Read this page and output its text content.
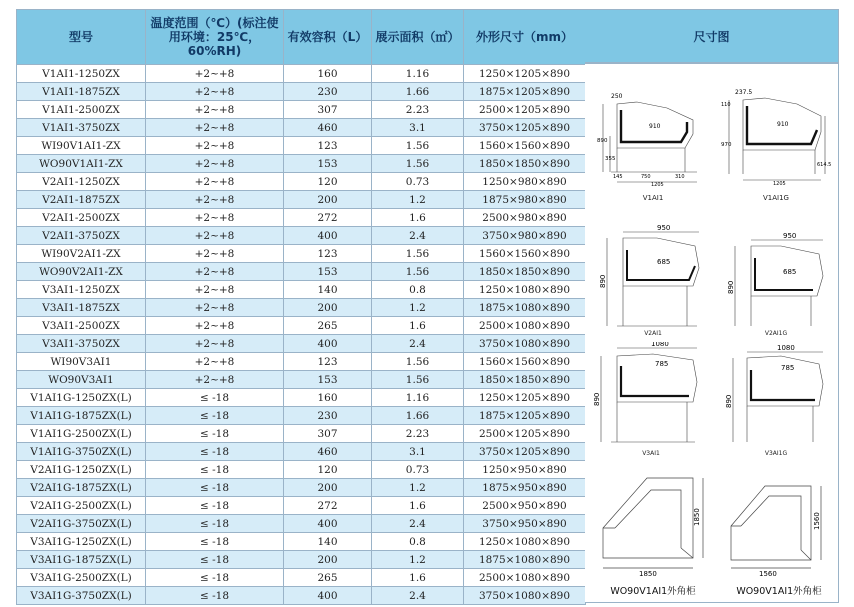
型号	温度范围（℃）(标注使用环境：25℃，60%RH)	有效容积（L）	展示面积（㎡）	外形尺寸（mm）
V1AI1-1250ZX	+2~+8	160	1.16	1250×1205×890
V1AI1-1875ZX	+2~+8	230	1.66	1875×1205×890
V1AI1-2500ZX	+2~+8	307	2.23	2500×1205×890
V1AI1-3750ZX	+2~+8	460	3.1	3750×1205×890
WI90V1AI1-ZX	+2~+8	123	1.56	1560×1560×890
WO90V1AI1-ZX	+2~+8	153	1.56	1850×1850×890
V2AI1-1250ZX	+2~+8	120	0.73	1250×980×890
V2AI1-1875ZX	+2~+8	200	1.2	1875×980×890
V2AI1-2500ZX	+2~+8	272	1.6	2500×980×890
V2AI1-3750ZX	+2~+8	400	2.4	3750×980×890
WI90V2AI1-ZX	+2~+8	123	1.56	1560×1560×890
WO90V2AI1-ZX	+2~+8	153	1.56	1850×1850×890
V3AI1-1250ZX	+2~+8	140	0.8	1250×1080×890
V3AI1-1875ZX	+2~+8	200	1.2	1875×1080×890
V3AI1-2500ZX	+2~+8	265	1.6	2500×1080×890
V3AI1-3750ZX	+2~+8	400	2.4	3750×1080×890
WI90V3AI1	+2~+8	123	1.56	1560×1560×890
WO90V3AI1	+2~+8	153	1.56	1850×1850×890
V1AI1G-1250ZX(L)	≤ -18	160	1.16	1250×1205×890
V1AI1G-1875ZX(L)	≤ -18	230	1.66	1875×1205×890
V1AI1G-2500ZX(L)	≤ -18	307	2.23	2500×1205×890
V1AI1G-3750ZX(L)	≤ -18	460	3.1	3750×1205×890
V2AI1G-1250ZX(L)	≤ -18	120	0.73	1250×950×890
V2AI1G-1875ZX(L)	≤ -18	200	1.2	1875×950×890
V2AI1G-2500ZX(L)	≤ -18	272	1.6	2500×950×890
V2AI1G-3750ZX(L)	≤ -18	400	2.4	3750×950×890
V3AI1G-1250ZX(L)	≤ -18	140	0.8	1250×1080×890
V3AI1G-1875ZX(L)	≤ -18	200	1.2	1875×1080×890
V3AI1G-2500ZX(L)	≤ -18	265	1.6	2500×1080×890
V3AI1G-3750ZX(L)	≤ -18	400	2.4	3750×1080×890
尺寸图
250
910
890
355
145	750	310
1205
V1AI1
237.5
110
910
970
614.5
1205
V1AI1G
950
685
890
V2AI1
950
685
890
V2AI1G
1080
785
890
V3AI1
1080
785
890
V3AI1G
1850
1850
WO90V1AI1外角柜
1560
1560
WO90V1AI1外角柜
